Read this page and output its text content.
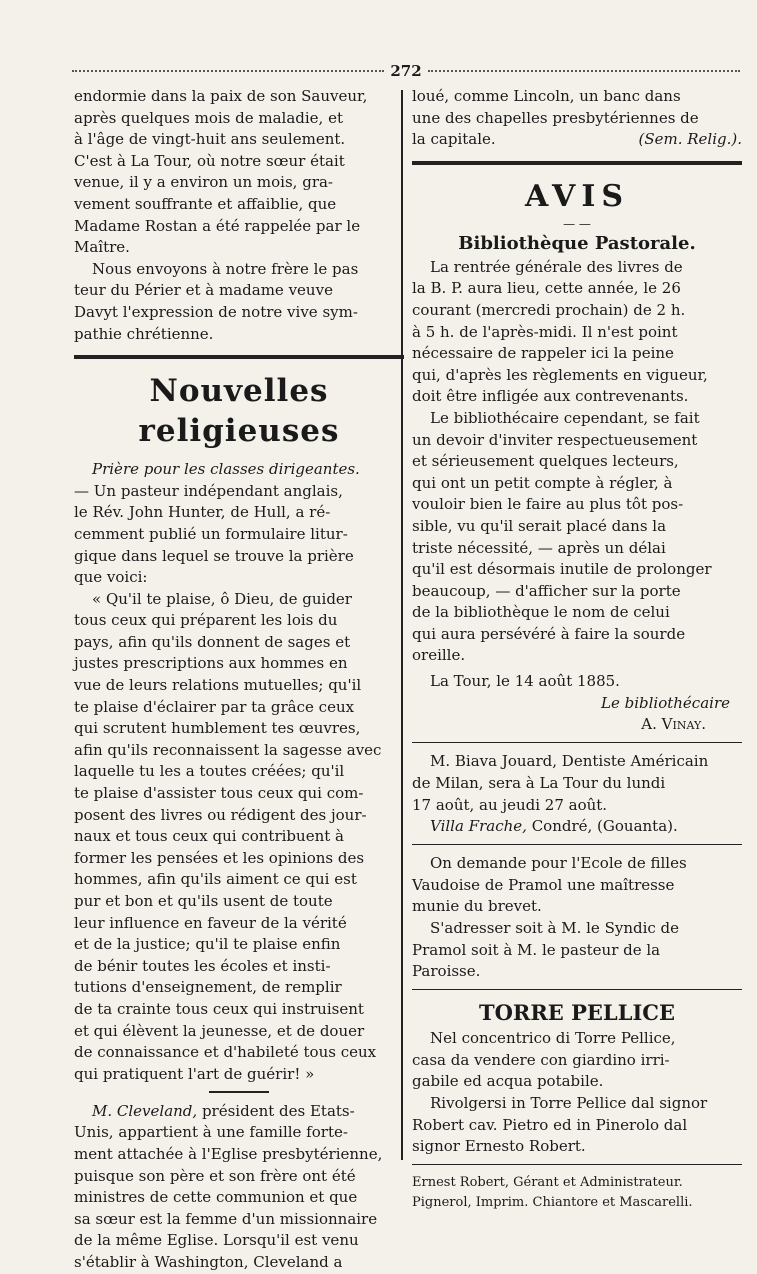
272

endormie dans la paix de son Sauveur,

après quelques mois de maladie, et

à l'âge de vingt-huit ans seulement.

C'est à La Tour, où notre sœur était

venue, il y a environ un mois, gra-

vement souffrante et affaiblie, que

Madame Rostan a été rappelée par le

Maître.

Nous envoyons à notre frère le pas

teur du Périer et à madame veuve

Davyt l'expression de notre vive sym-

pathie chrétienne.

Nouvelles religieuses

Prière pour les classes dirigeantes.

— Un pasteur indépendant anglais,

le Rév. John Hunter, de Hull, a ré-

cemment publié un formulaire litur-

gique dans lequel se trouve la prière

que voici:

« Qu'il te plaise, ô Dieu, de guider

tous ceux qui préparent les lois du

pays, afin qu'ils donnent de sages et

justes prescriptions aux hommes en

vue de leurs relations mutuelles; qu'il

te plaise d'éclairer par ta grâce ceux

qui scrutent humblement tes œuvres,

afin qu'ils reconnaissent la sagesse avec

laquelle tu les a toutes créées; qu'il

te plaise d'assister tous ceux qui com-

posent des livres ou rédigent des jour-

naux et tous ceux qui contribuent à

former les pensées et les opinions des

hommes, afin qu'ils aiment ce qui est

pur et bon et qu'ils usent de toute

leur influence en faveur de la vérité

et de la justice; qu'il te plaise enfin

de bénir toutes les écoles et insti-

tutions d'enseignement, de remplir

de ta crainte tous ceux qui instruisent

et qui élèvent la jeunesse, et de douer

de connaissance et d'habileté tous ceux

qui pratiquent l'art de guérir! »

M. Cleveland, président des Etats-

Unis, appartient à une famille forte-

ment attachée à l'Eglise presbytérienne,

puisque son père et son frère ont été

ministres de cette communion et que

sa sœur est la femme d'un missionnaire

de la même Eglise. Lorsqu'il est venu

s'établir à Washington, Cleveland a

loué, comme Lincoln, un banc dans

une des chapelles presbytériennes de

la capitale.	(Sem. Relig.).

AVIS
— —
Bibliothèque Pastorale.

La rentrée générale des livres de

la B. P. aura lieu, cette année, le 26

courant (mercredi prochain) de 2 h.

à 5 h. de l'après-midi. Il n'est point

nécessaire de rappeler ici la peine

qui, d'après les règlements en vigueur,

doit être infligée aux contrevenants.

Le bibliothécaire cependant, se fait

un devoir d'inviter respectueusement

et sérieusement quelques lecteurs,

qui ont un petit compte à régler, à

vouloir bien le faire au plus tôt pos-

sible, vu qu'il serait placé dans la

triste nécessité, — après un délai

qu'il est désormais inutile de prolonger

beaucoup, — d'afficher sur la porte

de la bibliothèque le nom de celui

qui aura persévéré à faire la sourde

oreille.

La Tour, le 14 août 1885.

Le bibliothécaire

A. Vinay.

M. Biava Jouard, Dentiste Américain

de Milan, sera à La Tour du lundi

17 août, au jeudi 27 août.

Villa Frache, Condré, (Gouanta).

On demande pour l'Ecole de filles

Vaudoise de Pramol une maîtresse

munie du brevet.

S'adresser soit à M. le Syndic de

Pramol soit à M. le pasteur de la

Paroisse.

TORRE PELLICE

Nel concentrico di Torre Pellice,

casa da vendere con giardino irri-

gabile ed acqua potabile.

Rivolgersi in Torre Pellice dal signor

Robert cav. Pietro ed in Pinerolo dal

signor Ernesto Robert.

Ernest Robert, Gérant et Administrateur.

Pignerol, Imprim. Chiantore et Mascarelli.
